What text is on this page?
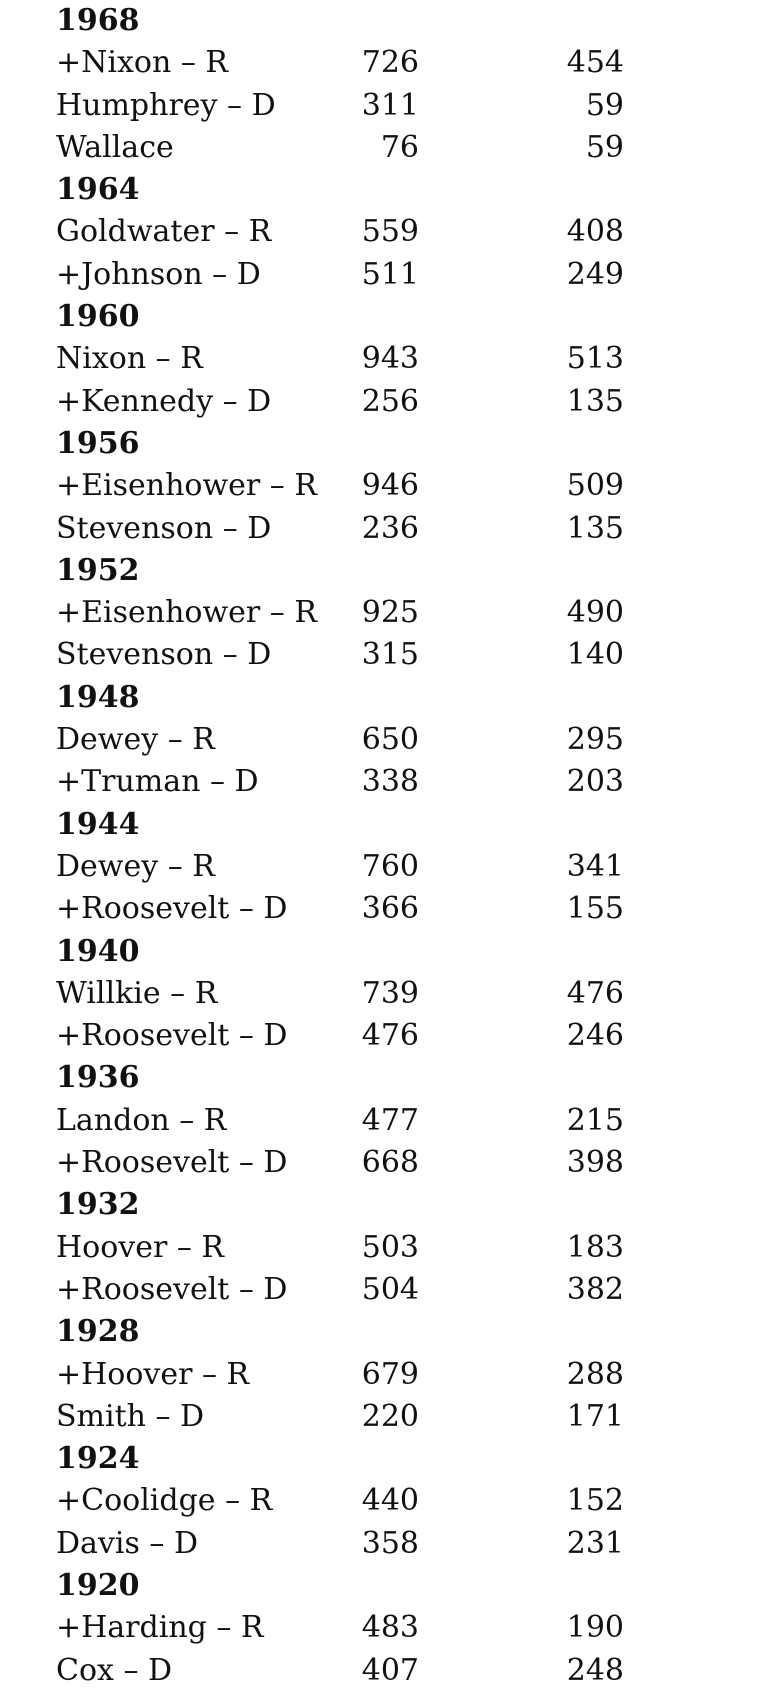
1968
+Nixon – R	726	454
Humphrey – D	311	59
Wallace	76	59
1964
Goldwater – R	559	408
+Johnson – D	511	249
1960
Nixon – R	943	513
+Kennedy – D	256	135
1956
+Eisenhower – R	946	509
Stevenson – D	236	135
1952
+Eisenhower – R	925	490
Stevenson – D	315	140
1948
Dewey – R	650	295
+Truman – D	338	203
1944
Dewey – R	760	341
+Roosevelt – D	366	155
1940
Willkie – R	739	476
+Roosevelt – D	476	246
1936
Landon – R	477	215
+Roosevelt – D	668	398
1932
Hoover – R	503	183
+Roosevelt – D	504	382
1928
+Hoover – R	679	288
Smith – D	220	171
1924
+Coolidge – R	440	152
Davis – D	358	231
1920
+Harding – R	483	190
Cox – D	407	248
